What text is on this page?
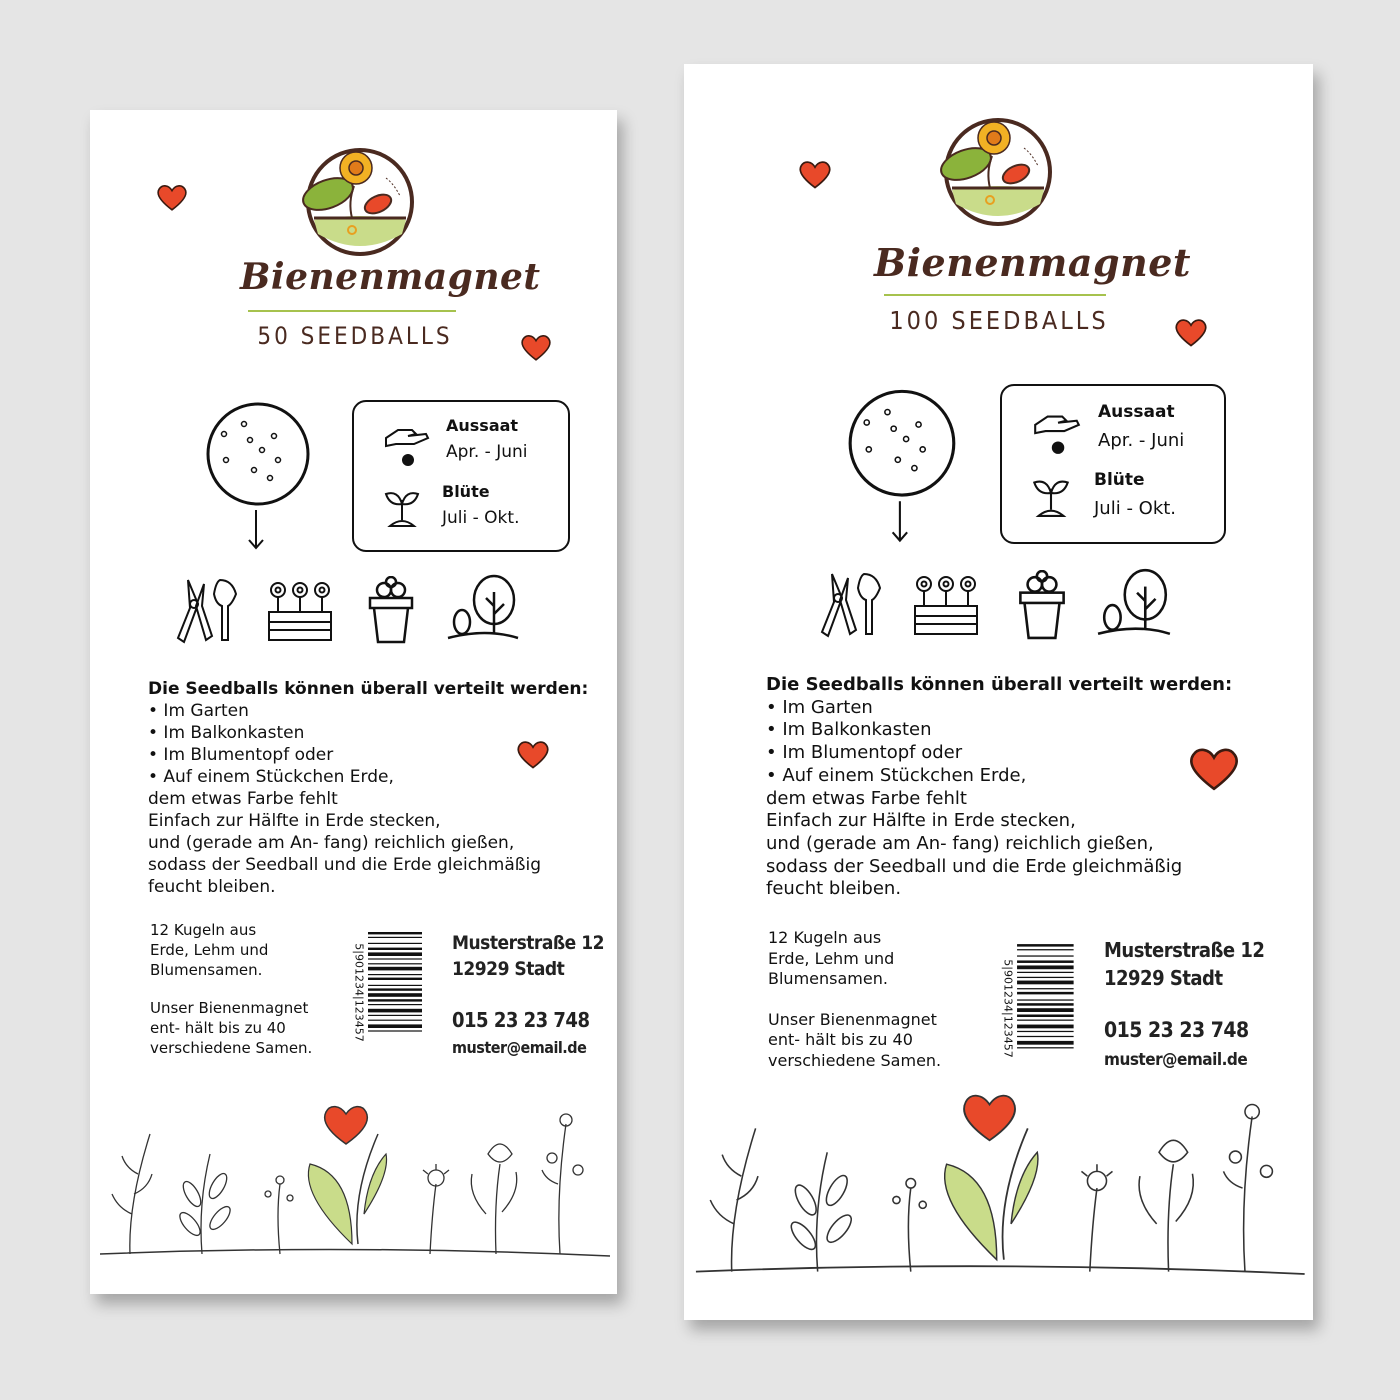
Bienenmagnet
50 SEEDBALLS
Aussaat
Apr. - Juni
Blüte
Juli - Okt.
Die Seedballs können überall verteilt werden:
• Im Garten
• Im Balkonkasten
• Im Blumentopf oder
• Auf einem Stückchen Erde,
dem etwas Farbe fehlt
Einfach zur Hälfte in Erde stecken,
und (gerade am An- fang) reichlich gießen,
sodass der Seedball und die Erde gleichmäßig
feucht bleiben.
12 Kugeln aus
Erde, Lehm und
Blumensamen.
Unser Bienenmagnet
ent- hält bis zu 40
verschiedene Samen.
5|901234|123457
Musterstraße 12
12929 Stadt
015 23 23 748
muster@email.de
Bienenmagnet
100 SEEDBALLS
Aussaat
Apr. - Juni
Blüte
Juli - Okt.
Die Seedballs können überall verteilt werden:
• Im Garten
• Im Balkonkasten
• Im Blumentopf oder
• Auf einem Stückchen Erde,
dem etwas Farbe fehlt
Einfach zur Hälfte in Erde stecken,
und (gerade am An- fang) reichlich gießen,
sodass der Seedball und die Erde gleichmäßig
feucht bleiben.
12 Kugeln aus
Erde, Lehm und
Blumensamen.
Unser Bienenmagnet
ent- hält bis zu 40
verschiedene Samen.
5|901234|123457
Musterstraße 12
12929 Stadt
015 23 23 748
muster@email.de
